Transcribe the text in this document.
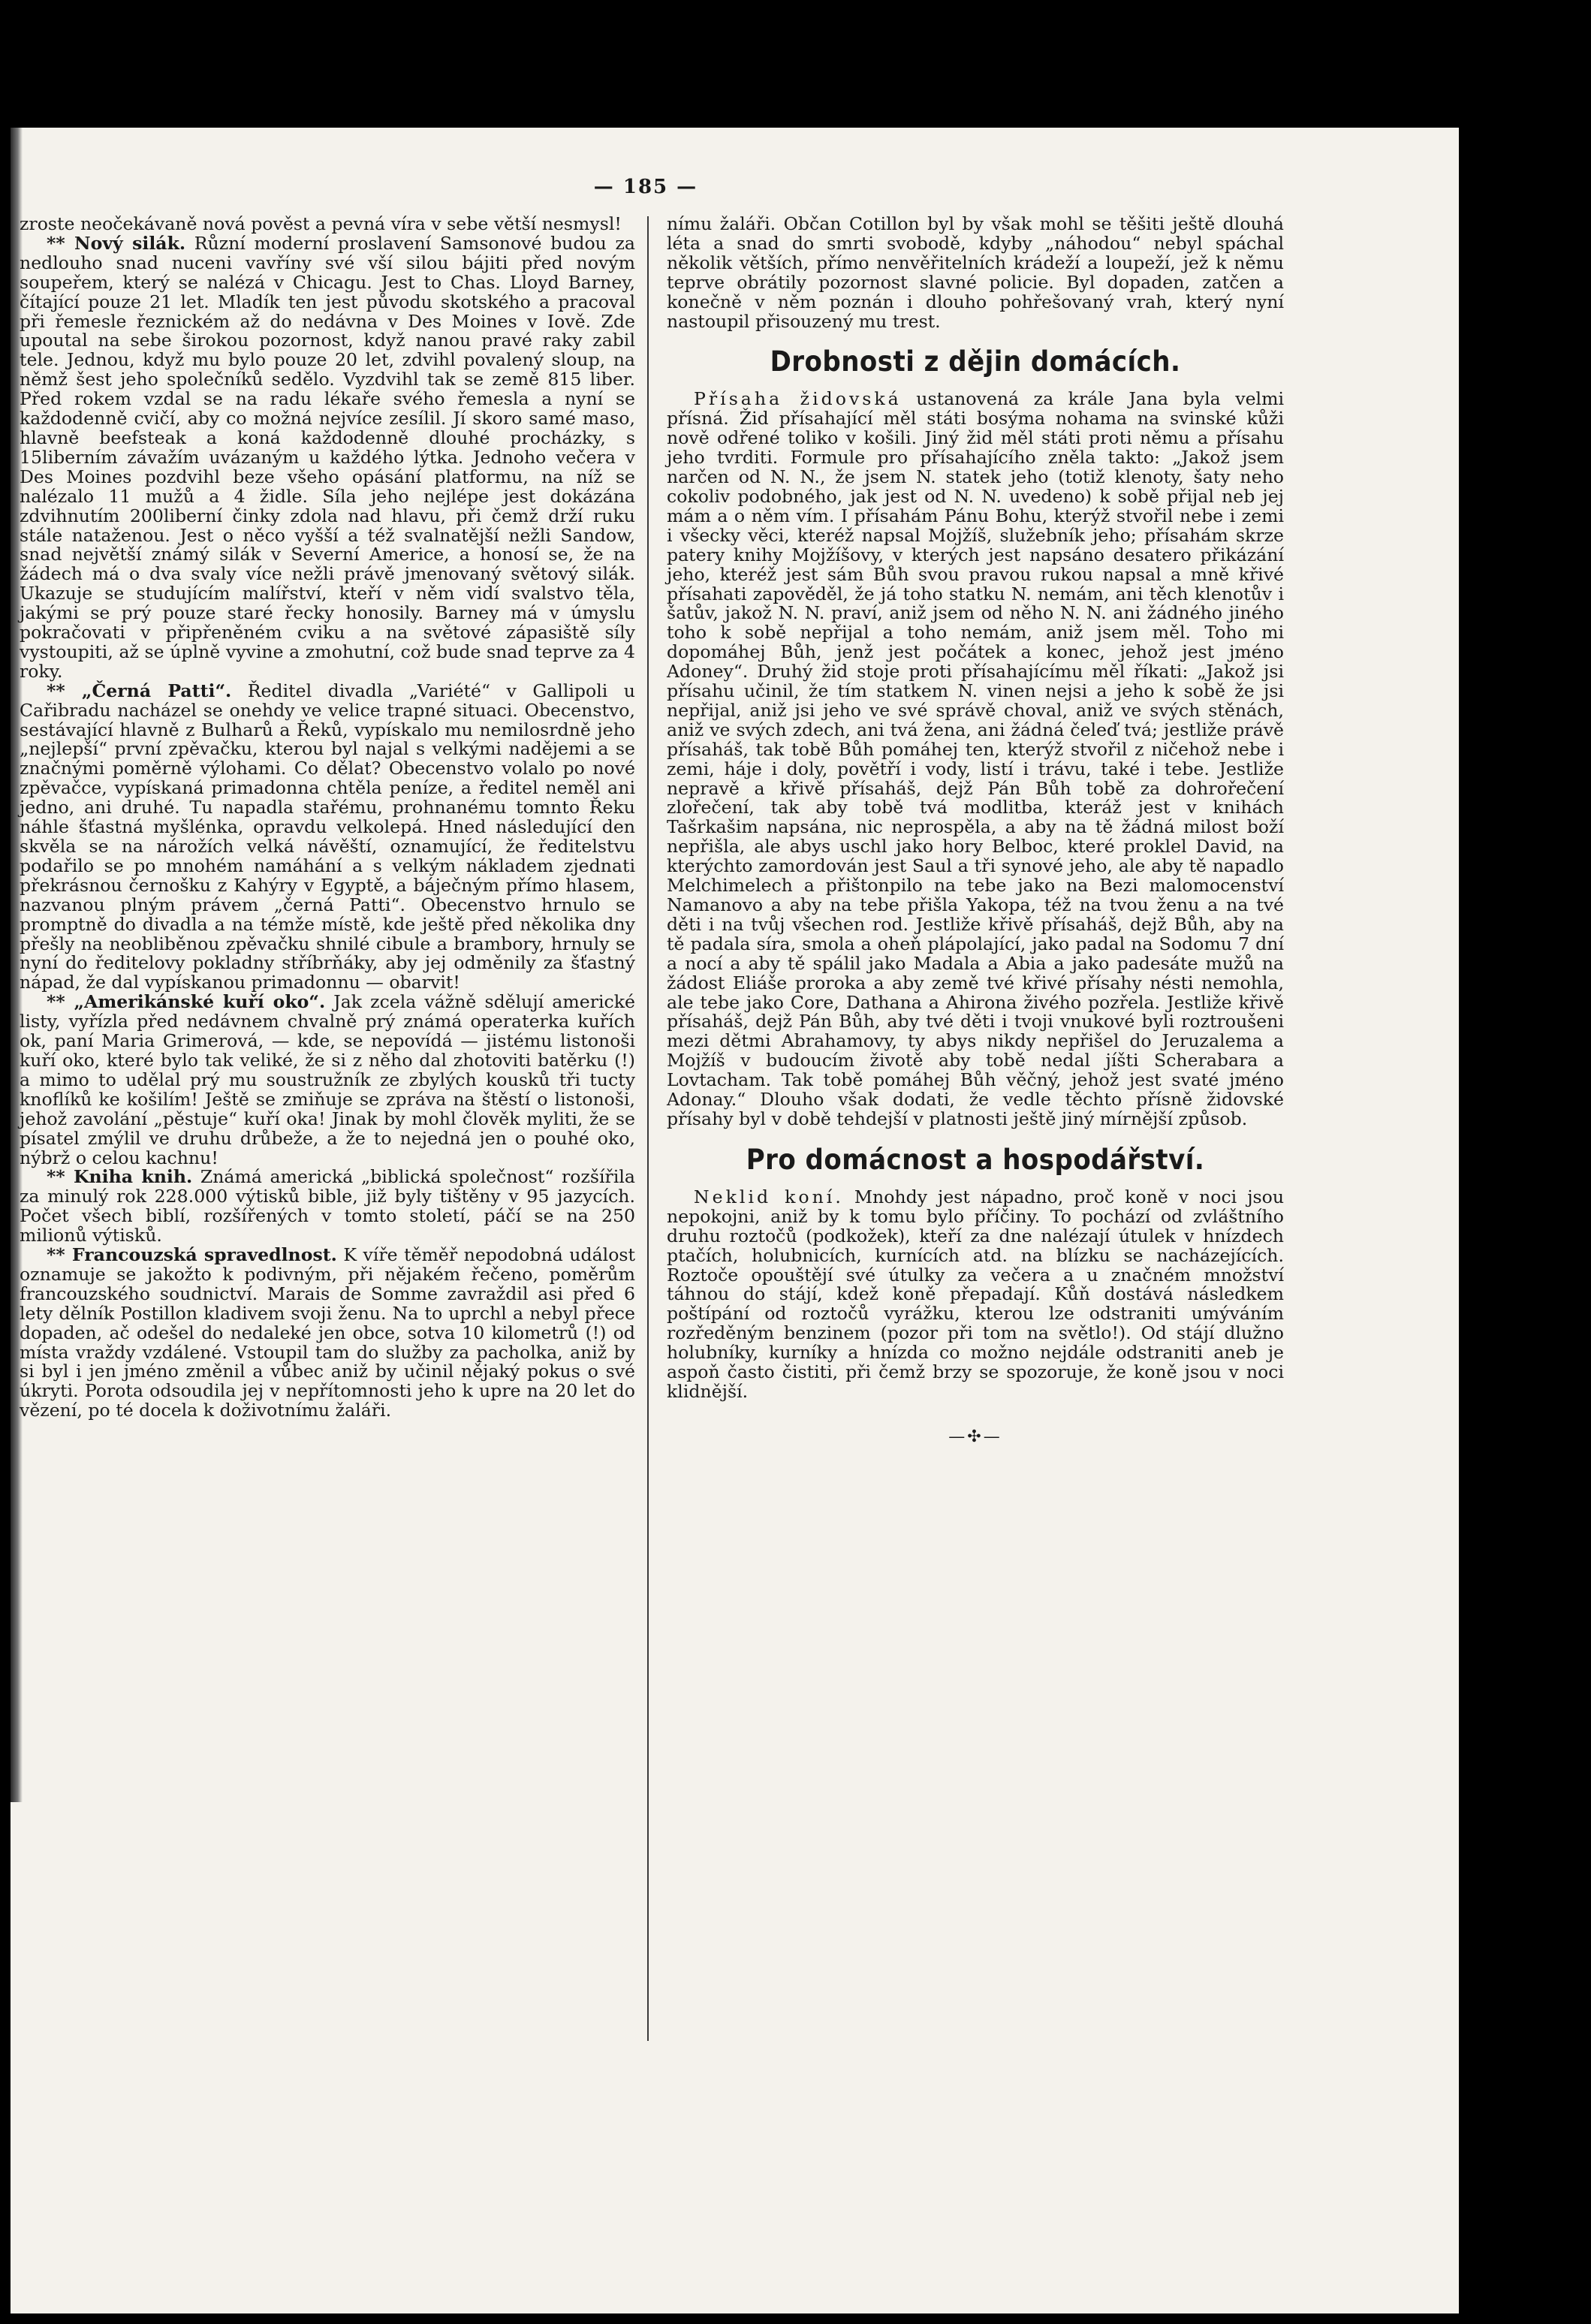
— 185 —

zroste neočekávaně nová pověst a pevná víra v sebe větší nesmysl!

** Nový silák. Různí moderní proslavení Samsonové budou za nedlouho snad nuceni vavříny své vší silou bájiti před novým soupeřem, který se nalézá v Chicagu. Jest to Chas. Lloyd Barney, čítající pouze 21 let. Mladík ten jest původu skotského a pracoval při řemesle řeznickém až do nedávna v Des Moines v Iově. Zde upoutal na sebe širokou pozornost, když nanou pravé raky zabil tele. Jednou, když mu bylo pouze 20 let, zdvihl povalený sloup, na němž šest jeho společníků sedělo. Vyzdvihl tak se země 815 liber. Před rokem vzdal se na radu lékaře svého řemesla a nyní se každodenně cvičí, aby co možná nejvíce zesílil. Jí skoro samé maso, hlavně beefsteak a koná každodenně dlouhé procházky, s 15liberním závažím uvázaným u každého lýtka. Jednoho večera v Des Moines pozdvihl beze všeho opásání platformu, na níž se nalézalo 11 mužů a 4 židle. Síla jeho nejlépe jest dokázána zdvihnutím 200liberní činky zdola nad hlavu, při čemž drží ruku stále nataženou. Jest o něco vyšší a též svalnatější nežli Sandow, snad největší známý silák v Severní Americe, a honosí se, že na žádech má o dva svaly více nežli právě jmenovaný světový silák. Ukazuje se studujícím malířství, kteří v něm vidí svalstvo těla, jakými se prý pouze staré řecky honosily. Barney má v úmyslu pokračovati v připřeněném cviku a na světové zápasiště síly vystoupiti, až se úplně vyvine a zmohutní, což bude snad teprve za 4 roky.

** „Černá Patti“. Ředitel divadla „Variété“ v Gallipoli u Cařibradu nacházel se onehdy ve velice trapné situaci. Obecenstvo, sestávající hlavně z Bulharů a Řeků, vypískalo mu nemilosrdně jeho „nejlepší“ první zpěvačku, kterou byl najal s velkými nadějemi a se značnými poměrně výlohami. Co dělat? Obecenstvo volalo po nové zpěvačce, vypískaná primadonna chtěla peníze, a ředitel neměl ani jedno, ani druhé. Tu napadla stařému, prohnanému tomnto Řeku náhle šťastná myšlénka, opravdu velkolepá. Hned následující den skvěla se na nárožích velká návěští, oznamující, že ředitelstvu podařilo se po mnohém namáhání a s velkým nákladem zjednati překrásnou černošku z Kahýry v Egyptě, a báječným přímo hlasem, nazvanou plným právem „černá Patti“. Obecenstvo hrnulo se promptně do divadla a na témže místě, kde ještě před několika dny přešly na neobliběnou zpěvačku shnilé cibule a brambory, hrnuly se nyní do ředitelovy pokladny stříbrňáky, aby jej odměnily za šťastný nápad, že dal vypískanou primadonnu — obarvit!

** „Amerikánské kuří oko“. Jak zcela vážně sdělují americké listy, vyřízla před nedávnem chvalně prý známá operaterka kuřích ok, paní Maria Grimerová, — kde, se nepovídá — jistému listonoši kuří oko, které bylo tak veliké, že si z něho dal zhotoviti batěrku (!) a mimo to udělal prý mu soustružník ze zbylých kousků tři tucty knoflíků ke košilím! Ještě se zmiňuje se zpráva na štěstí o listonoši, jehož zavolání „pěstuje“ kuří oka! Jinak by mohl člověk myliti, že se písatel zmýlil ve druhu drůbeže, a že to nejedná jen o pouhé oko, nýbrž o celou kachnu!

** Kniha knih. Známá americká „biblická společnost“ rozšířila za minulý rok 228.000 výtisků bible, již byly tištěny v 95 jazycích. Počet všech biblí, rozšířených v tomto století, páčí se na 250 milionů výtisků.

** Francouzská spravedlnost. K víře těměř nepodobná událost oznamuje se jakožto k podivným, při nějakém řečeno, poměrům francouzského soudnictví. Marais de Somme zavraždil asi před 6 lety dělník Postillon kladivem svoji ženu. Na to uprchl a nebyl přece dopaden, ač odešel do nedaleké jen obce, sotva 10 kilometrů (!) od místa vraždy vzdálené. Vstoupil tam do služby za pacholka, aniž by si byl i jen jméno změnil a vůbec aniž by učinil nějaký pokus o své úkryti. Porota odsoudila jej v nepřítomnosti jeho k upre na 20 let do vězení, po té docela k doživotnímu žaláři.

nímu žaláři. Občan Cotillon byl by však mohl se těšiti ještě dlouhá léta a snad do smrti svobodě, kdyby „náhodou“ nebyl spáchal několik větších, přímo nenvěřitelních krádeží a loupeží, jež k němu teprve obrátily pozornost slavné policie. Byl dopaden, zatčen a konečně v něm poznán i dlouho pohřešovaný vrah, který nyní nastoupil přisouzený mu trest.

Drobnosti z dějin domácích.

Přísaha židovská ustanovená za krále Jana byla velmi přísná. Žid přísahající měl státi bosýma nohama na svinské kůži nově odřené toliko v košili. Jiný žid měl státi proti němu a přísahu jeho tvrditi. Formule pro přísahajícího zněla takto: „Jakož jsem narčen od N. N., že jsem N. statek jeho (totiž klenoty, šaty neho cokoliv podobného, jak jest od N. N. uvedeno) k sobě přijal neb jej mám a o něm vím. I přísahám Pánu Bohu, kterýž stvořil nebe i zemi i všecky věci, kteréž napsal Mojžíš, služebník jeho; přísahám skrze patery knihy Mojžíšovy, v kterých jest napsáno desatero přikázání jeho, kteréž jest sám Bůh svou pravou rukou napsal a mně křivé přísahati zapověděl, že já toho statku N. nemám, ani těch klenotův i šatův, jakož N. N. praví, aniž jsem od něho N. N. ani žádného jiného toho k sobě nepřijal a toho nemám, aniž jsem měl. Toho mi dopomáhej Bůh, jenž jest počátek a konec, jehož jest jméno Adoney“. Druhý žid stoje proti přísahajícímu měl říkati: „Jakož jsi přísahu učinil, že tím statkem N. vinen nejsi a jeho k sobě že jsi nepřijal, aniž jsi jeho ve své správě choval, aniž ve svých stěnách, aniž ve svých zdech, ani tvá žena, ani žádná čeleď tvá; jestliže právě přísaháš, tak tobě Bůh pomáhej ten, kterýž stvořil z ničehož nebe i zemi, háje i doly, povětří i vody, listí i trávu, také i tebe. Jestliže nepravě a křivě přísaháš, dejž Pán Bůh tobě za dohrořečení zlořečení, tak aby tobě tvá modlitba, kteráž jest v knihách Tašrkašim napsána, nic neprospěla, a aby na tě žádná milost boží nepřišla, ale abys uschl jako hory Belboc, které proklel David, na kterýchto zamordován jest Saul a tři synové jeho, ale aby tě napadlo Melchimelech a přištonpilo na tebe jako na Bezi malomocenství Namanovo a aby na tebe přišla Yakopa, též na tvou ženu a na tvé děti i na tvůj všechen rod. Jestliže křivě přísaháš, dejž Bůh, aby na tě padala síra, smola a oheň plápolající, jako padal na Sodomu 7 dní a nocí a aby tě spálil jako Madala a Abia a jako padesáte mužů na žádost Eliáše proroka a aby země tvé křivé přísahy nésti nemohla, ale tebe jako Core, Dathana a Ahirona živého pozřela. Jestliže křivě přísaháš, dejž Pán Bůh, aby tvé děti i tvoji vnukové byli roztroušeni mezi dětmi Abrahamovy, ty abys nikdy nepřišel do Jeruzalema a Mojžíš v budoucím životě aby tobě nedal jíšti Scherabara a Lovtacham. Tak tobě pomáhej Bůh věčný, jehož jest svaté jméno Adonay.“ Dlouho však dodati, že vedle těchto přísně židovské přísahy byl v době tehdejší v platnosti ještě jiný mírnější způsob.

Pro domácnost a hospodářství.

Neklid koní. Mnohdy jest nápadno, proč koně v noci jsou nepokojni, aniž by k tomu bylo příčiny. To pochází od zvláštního druhu roztočů (podkožek), kteří za dne nalézají útulek v hnízdech ptačích, holubnicích, kurnících atd. na blízku se nacházejících. Roztoče opouštějí své útulky za večera a u značném množství táhnou do stájí, kdež koně přepadají. Kůň dostává následkem poštípání od roztočů vyrážku, kterou lze odstraniti umýváním rozředěným benzinem (pozor při tom na světlo!). Od stájí dlužno holubníky, kurníky a hnízda co možno nejdále odstraniti aneb je aspoň často čistiti, při čemž brzy se spozoruje, že koně jsou v noci klidnější.

—✣—
